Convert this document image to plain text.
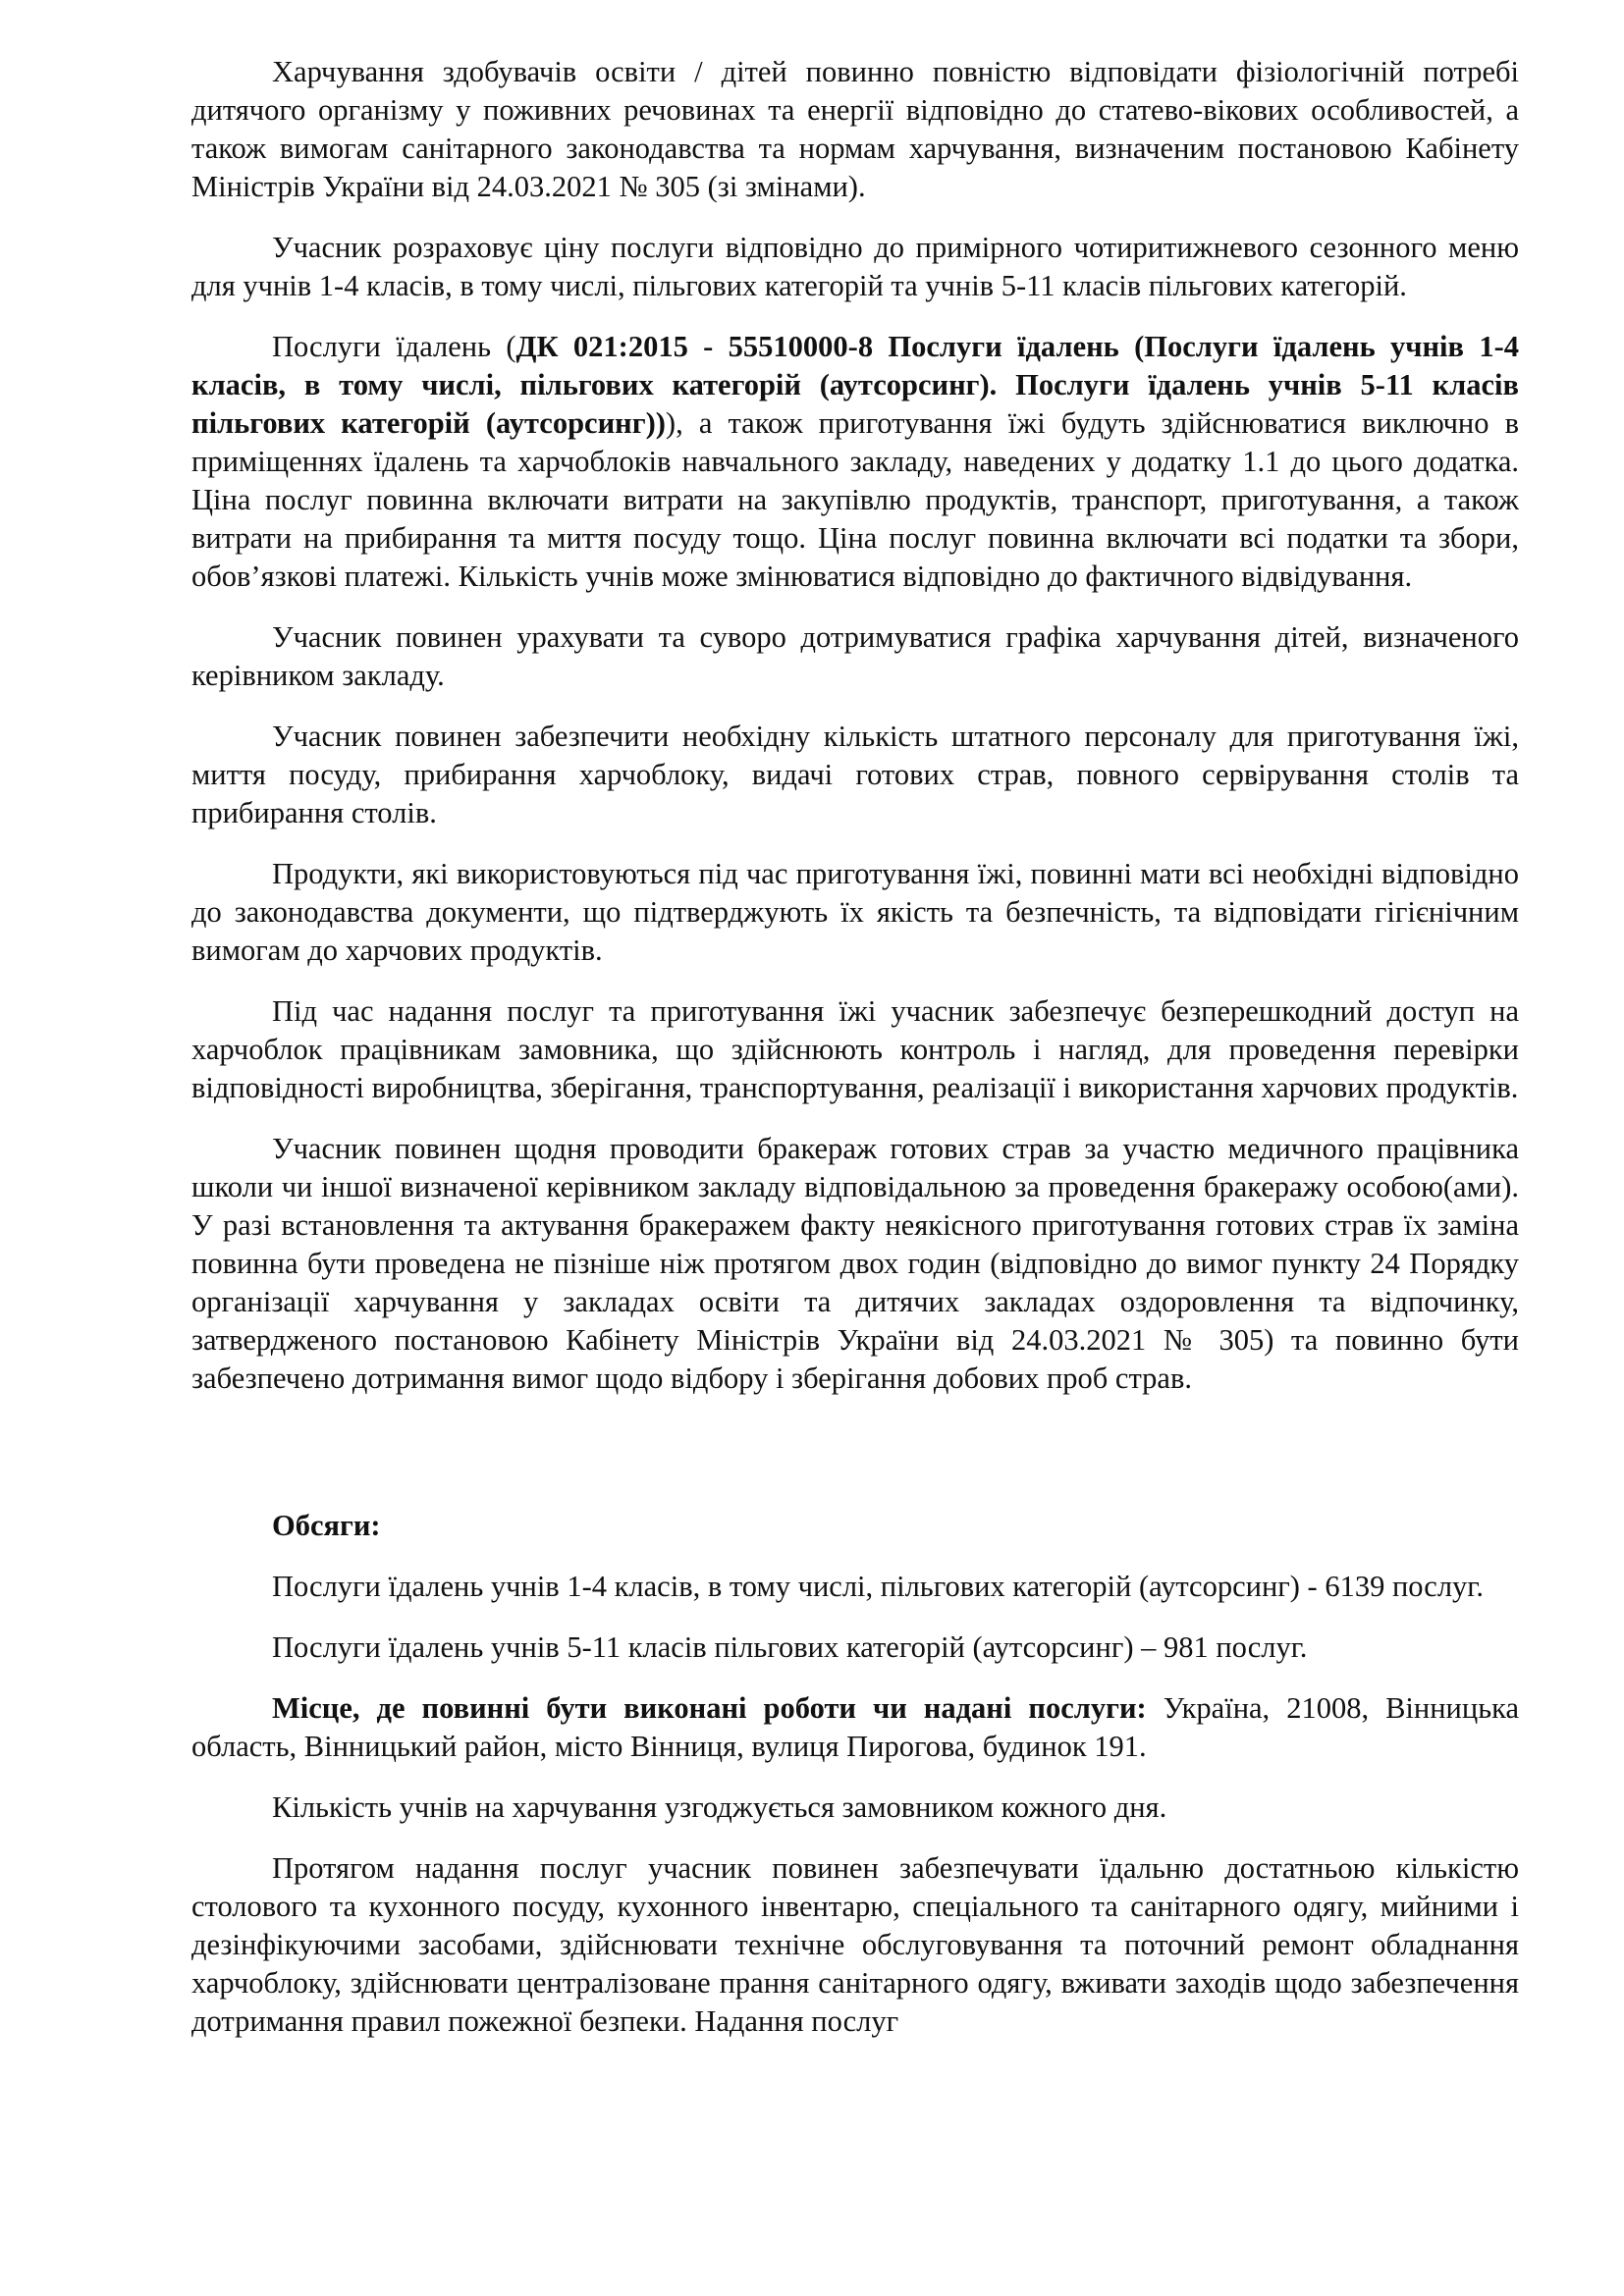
Харчування здобувачів освіти / дітей повинно повністю відповідати фізіологічній потребі дитячого організму у поживних речовинах та енергії відповідно до статево-вікових особливостей, а також вимогам санітарного законодавства та нормам харчування, визначеним постановою Кабінету Міністрів України від 24.03.2021 № 305 (зі змінами).

Учасник розраховує ціну послуги відповідно до примірного чотиритижневого сезонного меню для учнів 1-4 класів, в тому числі, пільгових категорій та учнів 5-11 класів пільгових категорій.

Послуги їдалень (ДК 021:2015 - 55510000-8 Послуги їдалень (Послуги їдалень учнів 1-4 класів, в тому числі, пільгових категорій (аутсорсинг). Послуги їдалень учнів 5-11 класів пільгових категорій (аутсорсинг))), а також приготування їжі будуть здійснюватися виключно в приміщеннях їдалень та харчоблоків навчального закладу, наведених у додатку 1.1 до цього додатка. Ціна послуг повинна включати витрати на закупівлю продуктів, транспорт, приготування, а також витрати на прибирання та миття посуду тощо. Ціна послуг повинна включати всі податки та збори, обов’язкові платежі. Кількість учнів може змінюватися відповідно до фактичного відвідування.

Учасник повинен урахувати та суворо дотримуватися графіка харчування дітей, визначеного керівником закладу.

Учасник повинен забезпечити необхідну кількість штатного персоналу для приготування їжі, миття посуду, прибирання харчоблоку, видачі готових страв, повного сервірування столів та прибирання столів.

Продукти, які використовуються під час приготування їжі, повинні мати всі необхідні відповідно до законодавства документи, що підтверджують їх якість та безпечність, та відповідати гігієнічним вимогам до харчових продуктів.

Під час надання послуг та приготування їжі учасник забезпечує безперешкодний доступ на харчоблок працівникам замовника, що здійснюють контроль і нагляд, для проведення перевірки відповідності виробництва, зберігання, транспортування, реалізації і використання харчових продуктів.

Учасник повинен щодня проводити бракераж готових страв за участю медичного працівника школи чи іншої визначеної керівником закладу відповідальною за проведення бракеражу особою(ами). У разі встановлення та актування бракеражем факту неякісного приготування готових страв їх заміна повинна бути проведена не пізніше ніж протягом двох годин (відповідно до вимог пункту 24 Порядку організації харчування у закладах освіти та дитячих закладах оздоровлення та відпочинку, затвердженого постановою Кабінету Міністрів України від 24.03.2021 № 305) та повинно бути забезпечено дотримання вимог щодо відбору і зберігання добових проб страв.

Обсяги:

Послуги їдалень учнів 1-4 класів, в тому числі, пільгових категорій (аутсорсинг) - 6139 послуг.

Послуги їдалень учнів 5-11 класів пільгових категорій (аутсорсинг) – 981 послуг.

Місце, де повинні бути виконані роботи чи надані послуги: Україна, 21008, Вінницька область, Вінницький район, місто Вінниця, вулиця Пирогова, будинок 191.

Кількість учнів на харчування узгоджується замовником кожного дня.

Протягом надання послуг учасник повинен забезпечувати їдальню достатньою кількістю столового та кухонного посуду, кухонного інвентарю, спеціального та санітарного одягу, мийними і дезінфікуючими засобами, здійснювати технічне обслуговування та поточний ремонт обладнання харчоблоку, здійснювати централізоване прання санітарного одягу, вживати заходів щодо забезпечення дотримання правил пожежної безпеки. Надання послуг
